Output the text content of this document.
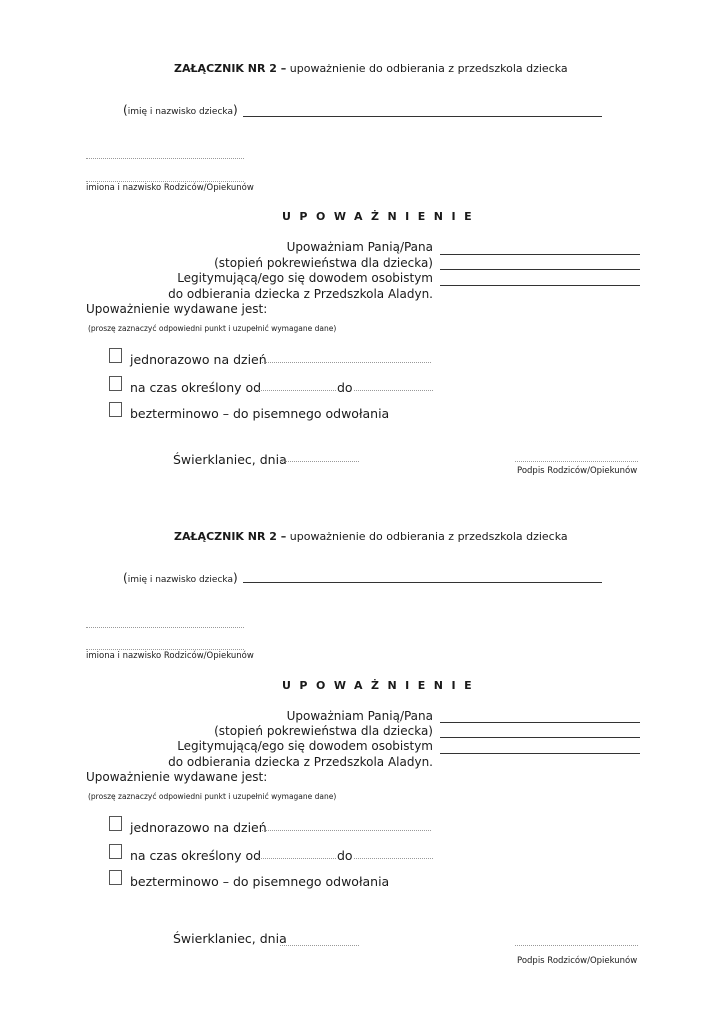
ZAŁĄCZNIK NR 2 – upoważnienie do odbierania z przedszkola dziecka
(imię i nazwisko dziecka)
imiona i nazwisko Rodziców/Opiekunów
UPOWAŻNIENIE
Upoważniam Panią/Pana
(stopień pokrewieństwa dla dziecka)
Legitymującą/ego się dowodem osobistym
do odbierania dziecka z Przedszkola Aladyn.
Upoważnienie wydawane jest:
(proszę zaznaczyć odpowiedni punkt i uzupełnić wymagane dane)
jednorazowo na dzień
na czas określony od	do
bezterminowo – do pisemnego odwołania
Świerklaniec, dnia
Podpis Rodziców/Opiekunów
ZAŁĄCZNIK NR 2 – upoważnienie do odbierania z przedszkola dziecka
(imię i nazwisko dziecka)
imiona i nazwisko Rodziców/Opiekunów
UPOWAŻNIENIE
Upoważniam Panią/Pana
(stopień pokrewieństwa dla dziecka)
Legitymującą/ego się dowodem osobistym
do odbierania dziecka z Przedszkola Aladyn.
Upoważnienie wydawane jest:
(proszę zaznaczyć odpowiedni punkt i uzupełnić wymagane dane)
jednorazowo na dzień
na czas określony od	do
bezterminowo – do pisemnego odwołania
Świerklaniec, dnia
Podpis Rodziców/Opiekunów
